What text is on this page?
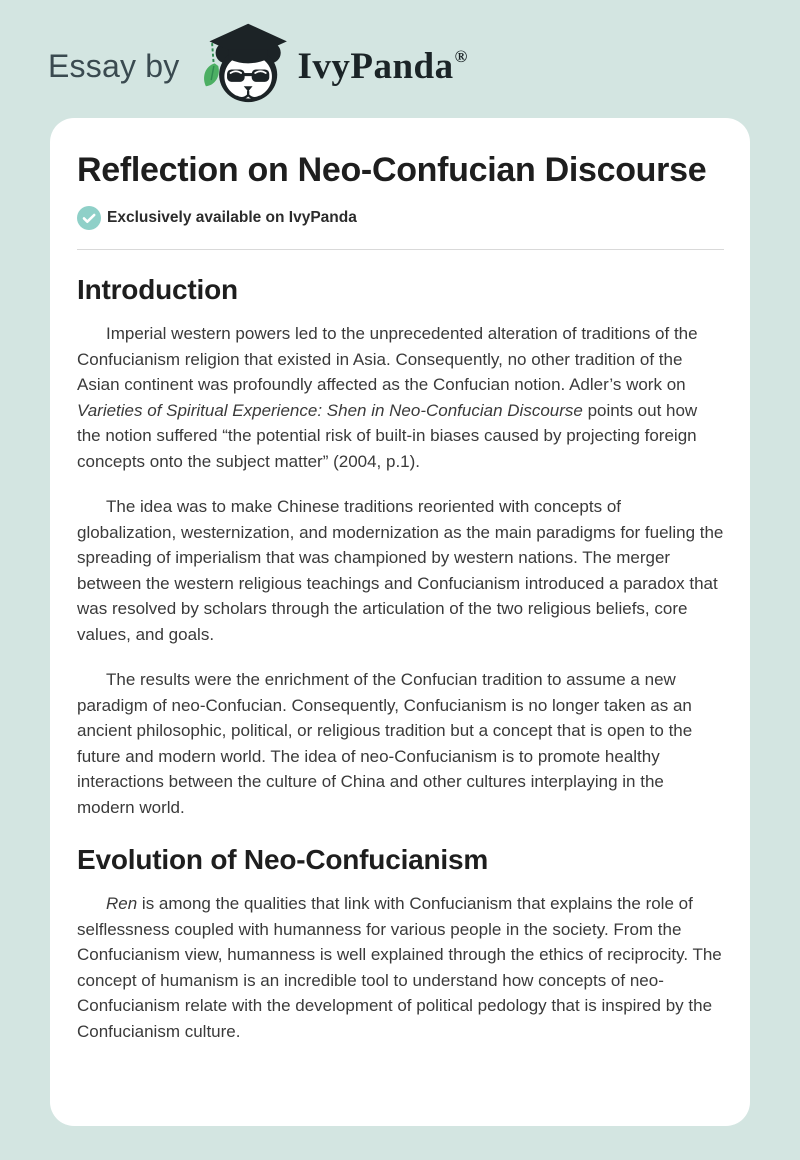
Essay by	IvyPanda®
Reflection on Neo-Confucian Discourse
Exclusively available on IvyPanda
Introduction

Imperial western powers led to the unprecedented alteration of traditions of the Confucianism religion that existed in Asia. Consequently, no other tradition of the Asian continent was profoundly affected as the Confucian notion. Adler’s work on Varieties of Spiritual Experience: Shen in Neo-Confucian Discourse points out how the notion suffered “the potential risk of built-in biases caused by projecting foreign concepts onto the subject matter” (2004, p.1).

The idea was to make Chinese traditions reoriented with concepts of globalization, westernization, and modernization as the main paradigms for fueling the spreading of imperialism that was championed by western nations. The merger between the western religious teachings and Confucianism introduced a paradox that was resolved by scholars through the articulation of the two religious beliefs, core values, and goals.

The results were the enrichment of the Confucian tradition to assume a new paradigm of neo-Confucian. Consequently, Confucianism is no longer taken as an ancient philosophic, political, or religious tradition but a concept that is open to the future and modern world. The idea of neo-Confucianism is to promote healthy interactions between the culture of China and other cultures interplaying in the modern world.

Evolution of Neo-Confucianism

Ren is among the qualities that link with Confucianism that explains the role of selflessness coupled with humanness for various people in the society. From the Confucianism view, humanness is well explained through the ethics of reciprocity. The concept of humanism is an incredible tool to understand how concepts of neo-Confucianism relate with the development of political pedology that is inspired by the Confucianism culture.
